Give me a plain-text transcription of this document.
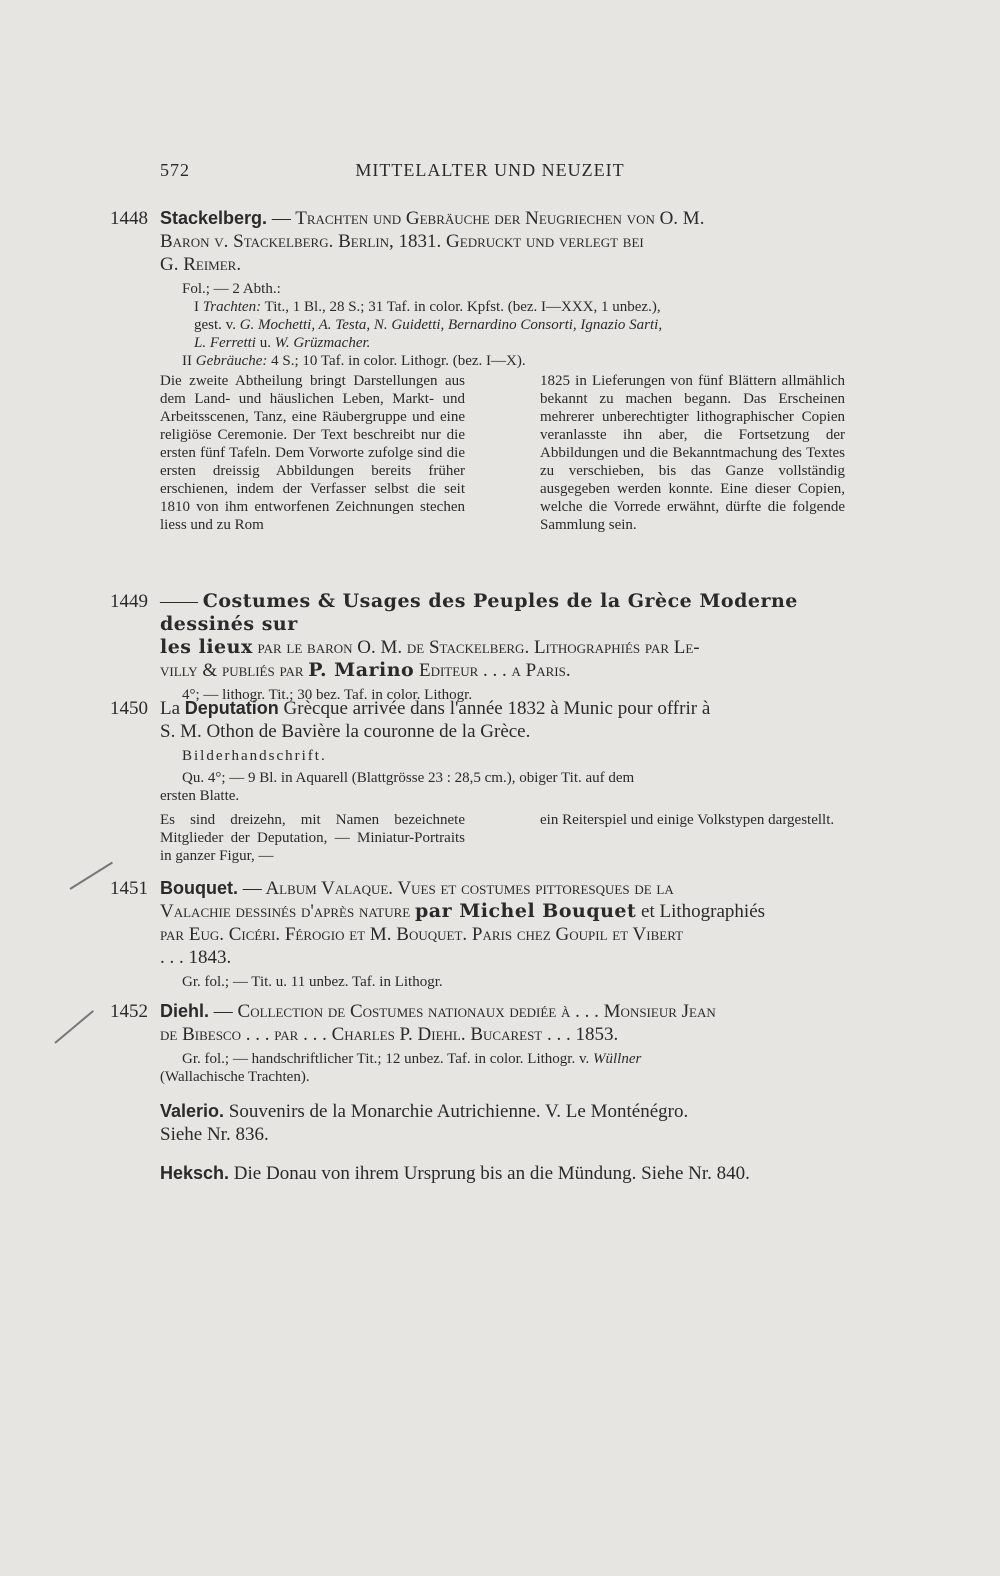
572	MITTELALTER UND NEUZEIT
1448 Stackelberg. — Trachten und Gebräuche der Neugriechen von O. M.
Baron v. Stackelberg. Berlin, 1831. Gedruckt und verlegt bei
G. Reimer.
Fol.; — 2 Abth.:
I Trachten: Tit., 1 Bl., 28 S.; 31 Taf. in color. Kpfst. (bez. I—XXX, 1 unbez.),
gest. v. G. Mochetti, A. Testa, N. Guidetti, Bernardino Consorti, Ignazio Sarti,
L. Ferretti u. W. Grüzmacher.
II Gebräuche: 4 S.; 10 Taf. in color. Lithogr. (bez. I—X).
Die zweite Abtheilung bringt Darstellungen aus dem Land- und häuslichen Leben, Markt- und Arbeitsscenen, Tanz, eine Räubergruppe und eine religiöse Ceremonie. Der Text beschreibt nur die ersten fünf Tafeln. Dem Vorworte zufolge sind die ersten dreissig Abbildungen bereits früher erschienen, indem der Verfasser selbst die seit 1810 von ihm entworfenen Zeichnungen stechen liess und zu Rom
1825 in Lieferungen von fünf Blättern allmählich bekannt zu machen begann. Das Erscheinen mehrerer unberechtigter lithographischer Copien veranlasste ihn aber, die Fortsetzung der Abbildungen und die Bekanntmachung des Textes zu verschieben, bis das Ganze vollständig ausgegeben werden konnte. Eine dieser Copien, welche die Vorrede erwähnt, dürfte die folgende Sammlung sein.
1449 —— Costumes & Usages des Peuples de la Grèce Moderne dessinés sur
les lieux par le baron O. M. de Stackelberg. Lithographiés par Le-
villy & publiés par P. Marino Editeur . . . a Paris.
4°; — lithogr. Tit.; 30 bez. Taf. in color. Lithogr.
1450 La Deputation Grècque arrivée dans l'année 1832 à Munic pour offrir à
S. M. Othon de Bavière la couronne de la Grèce.
Bilderhandschrift.
Qu. 4°; — 9 Bl. in Aquarell (Blattgrösse 23 : 28,5 cm.), obiger Tit. auf dem
ersten Blatte.
Es sind dreizehn, mit Namen bezeichnete Mitglieder der Deputation, — Miniatur-Portraits in ganzer Figur, —
ein Reiterspiel und einige Volkstypen dargestellt.
1451 Bouquet. — Album Valaque. Vues et costumes pittoresques de la
Valachie dessinés d'après nature par Michel Bouquet et Lithographiés
par Eug. Cicéri. Férogio et M. Bouquet. Paris chez Goupil et Vibert
. . . 1843.
Gr. fol.; — Tit. u. 11 unbez. Taf. in Lithogr.
1452 Diehl. — Collection de Costumes nationaux dediée à . . . Monsieur Jean
de Bibesco . . . par . . . Charles P. Diehl. Bucarest . . . 1853.
Gr. fol.; — handschriftlicher Tit.; 12 unbez. Taf. in color. Lithogr. v. Wüllner
(Wallachische Trachten).
Valerio. Souvenirs de la Monarchie Autrichienne. V. Le Monténégro.
Siehe Nr. 836.
Heksch. Die Donau von ihrem Ursprung bis an die Mündung. Siehe Nr. 840.
